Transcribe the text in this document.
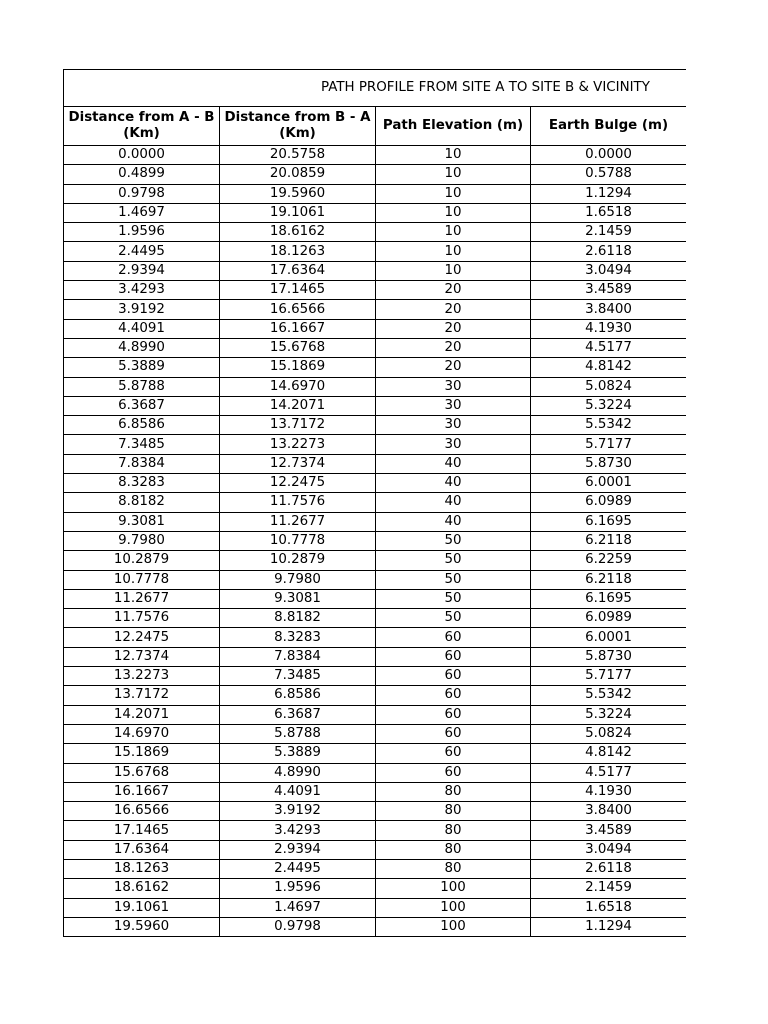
PATH PROFILE FROM SITE A TO SITE B & VICINITY
Distance from A - B (Km)	Distance from B - A (Km)	Path Elevation (m)	Earth Bulge (m)
0.0000	20.5758	10	0.0000
0.4899	20.0859	10	0.5788
0.9798	19.5960	10	1.1294
1.4697	19.1061	10	1.6518
1.9596	18.6162	10	2.1459
2.4495	18.1263	10	2.6118
2.9394	17.6364	10	3.0494
3.4293	17.1465	20	3.4589
3.9192	16.6566	20	3.8400
4.4091	16.1667	20	4.1930
4.8990	15.6768	20	4.5177
5.3889	15.1869	20	4.8142
5.8788	14.6970	30	5.0824
6.3687	14.2071	30	5.3224
6.8586	13.7172	30	5.5342
7.3485	13.2273	30	5.7177
7.8384	12.7374	40	5.8730
8.3283	12.2475	40	6.0001
8.8182	11.7576	40	6.0989
9.3081	11.2677	40	6.1695
9.7980	10.7778	50	6.2118
10.2879	10.2879	50	6.2259
10.7778	9.7980	50	6.2118
11.2677	9.3081	50	6.1695
11.7576	8.8182	50	6.0989
12.2475	8.3283	60	6.0001
12.7374	7.8384	60	5.8730
13.2273	7.3485	60	5.7177
13.7172	6.8586	60	5.5342
14.2071	6.3687	60	5.3224
14.6970	5.8788	60	5.0824
15.1869	5.3889	60	4.8142
15.6768	4.8990	60	4.5177
16.1667	4.4091	80	4.1930
16.6566	3.9192	80	3.8400
17.1465	3.4293	80	3.4589
17.6364	2.9394	80	3.0494
18.1263	2.4495	80	2.6118
18.6162	1.9596	100	2.1459
19.1061	1.4697	100	1.6518
19.5960	0.9798	100	1.1294
